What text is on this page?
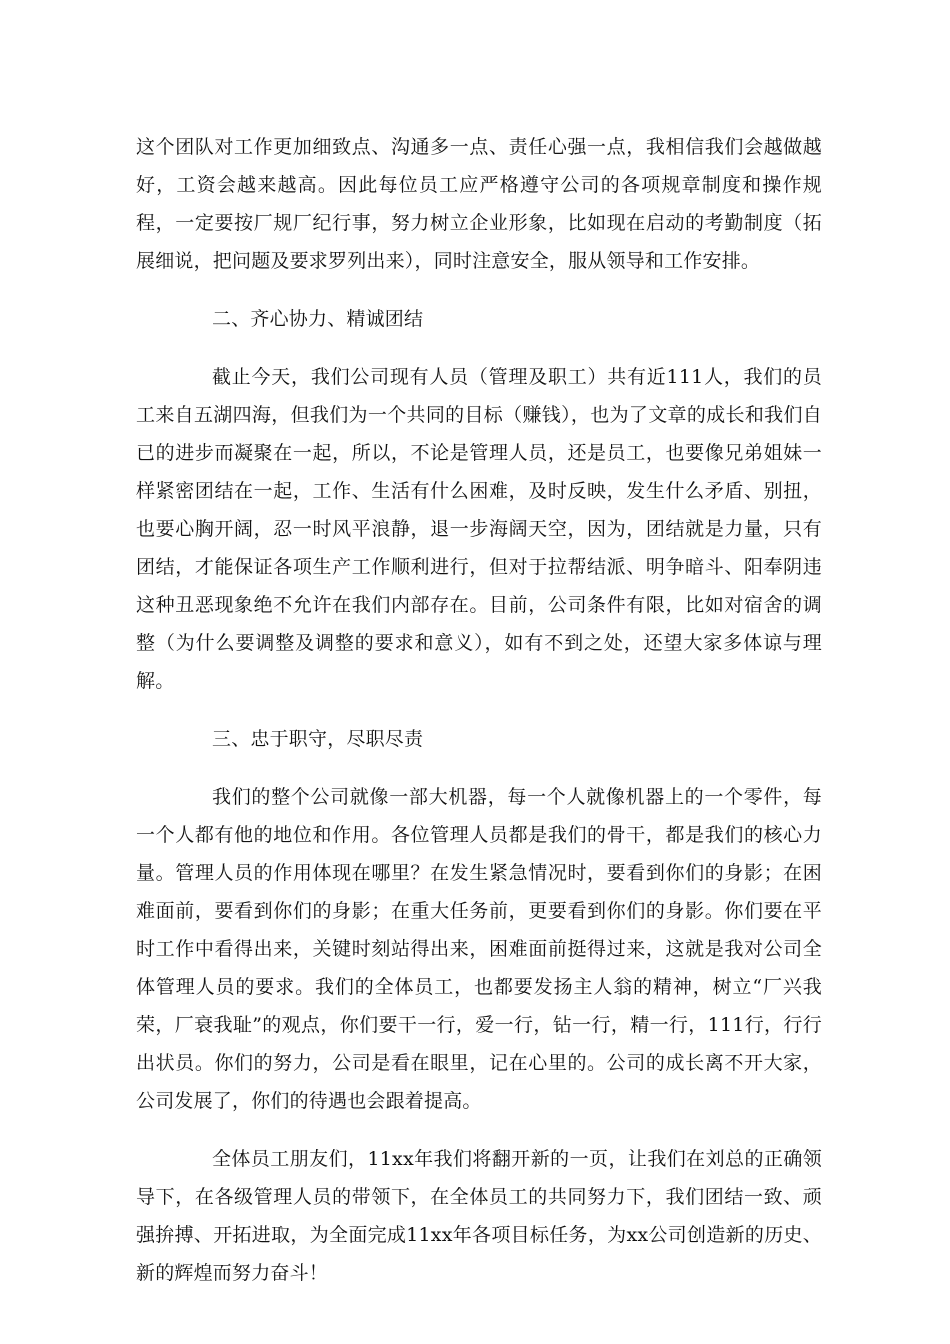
这个团队对工作更加细致点、沟通多一点、责任心强一点，我相信我们会越做越好，工资会越来越高。因此每位员工应严格遵守公司的各项规章制度和操作规程，一定要按厂规厂纪行事，努力树立企业形象，比如现在启动的考勤制度（拓展细说，把问题及要求罗列出来），同时注意安全，服从领导和工作安排。

二、齐心协力、精诚团结

截止今天，我们公司现有人员（管理及职工）共有近111人，我们的员工来自五湖四海，但我们为一个共同的目标（赚钱），也为了文章的成长和我们自已的进步而凝聚在一起，所以，不论是管理人员，还是员工，也要像兄弟姐妹一样紧密团结在一起，工作、生活有什么困难，及时反映，发生什么矛盾、别扭，也要心胸开阔，忍一时风平浪静，退一步海阔天空，因为，团结就是力量，只有团结，才能保证各项生产工作顺利进行，但对于拉帮结派、明争暗斗、阳奉阴违这种丑恶现象绝不允许在我们内部存在。目前，公司条件有限，比如对宿舍的调整（为什么要调整及调整的要求和意义），如有不到之处，还望大家多体谅与理解。

三、忠于职守，尽职尽责

我们的整个公司就像一部大机器，每一个人就像机器上的一个零件，每一个人都有他的地位和作用。各位管理人员都是我们的骨干，都是我们的核心力量。管理人员的作用体现在哪里？在发生紧急情况时，要看到你们的身影；在困难面前，要看到你们的身影；在重大任务前，更要看到你们的身影。你们要在平时工作中看得出来，关键时刻站得出来，困难面前挺得过来，这就是我对公司全体管理人员的要求。我们的全体员工，也都要发扬主人翁的精神，树立“厂兴我荣，厂衰我耻”的观点，你们要干一行，爱一行，钻一行，精一行，111行，行行出状员。你们的努力，公司是看在眼里，记在心里的。公司的成长离不开大家，公司发展了，你们的待遇也会跟着提高。

全体员工朋友们，11xx年我们将翻开新的一页，让我们在刘总的正确领导下，在各级管理人员的带领下，在全体员工的共同努力下，我们团结一致、顽强拚搏、开拓进取，为全面完成11xx年各项目标任务，为xx公司创造新的历史、新的辉煌而努力奋斗！
